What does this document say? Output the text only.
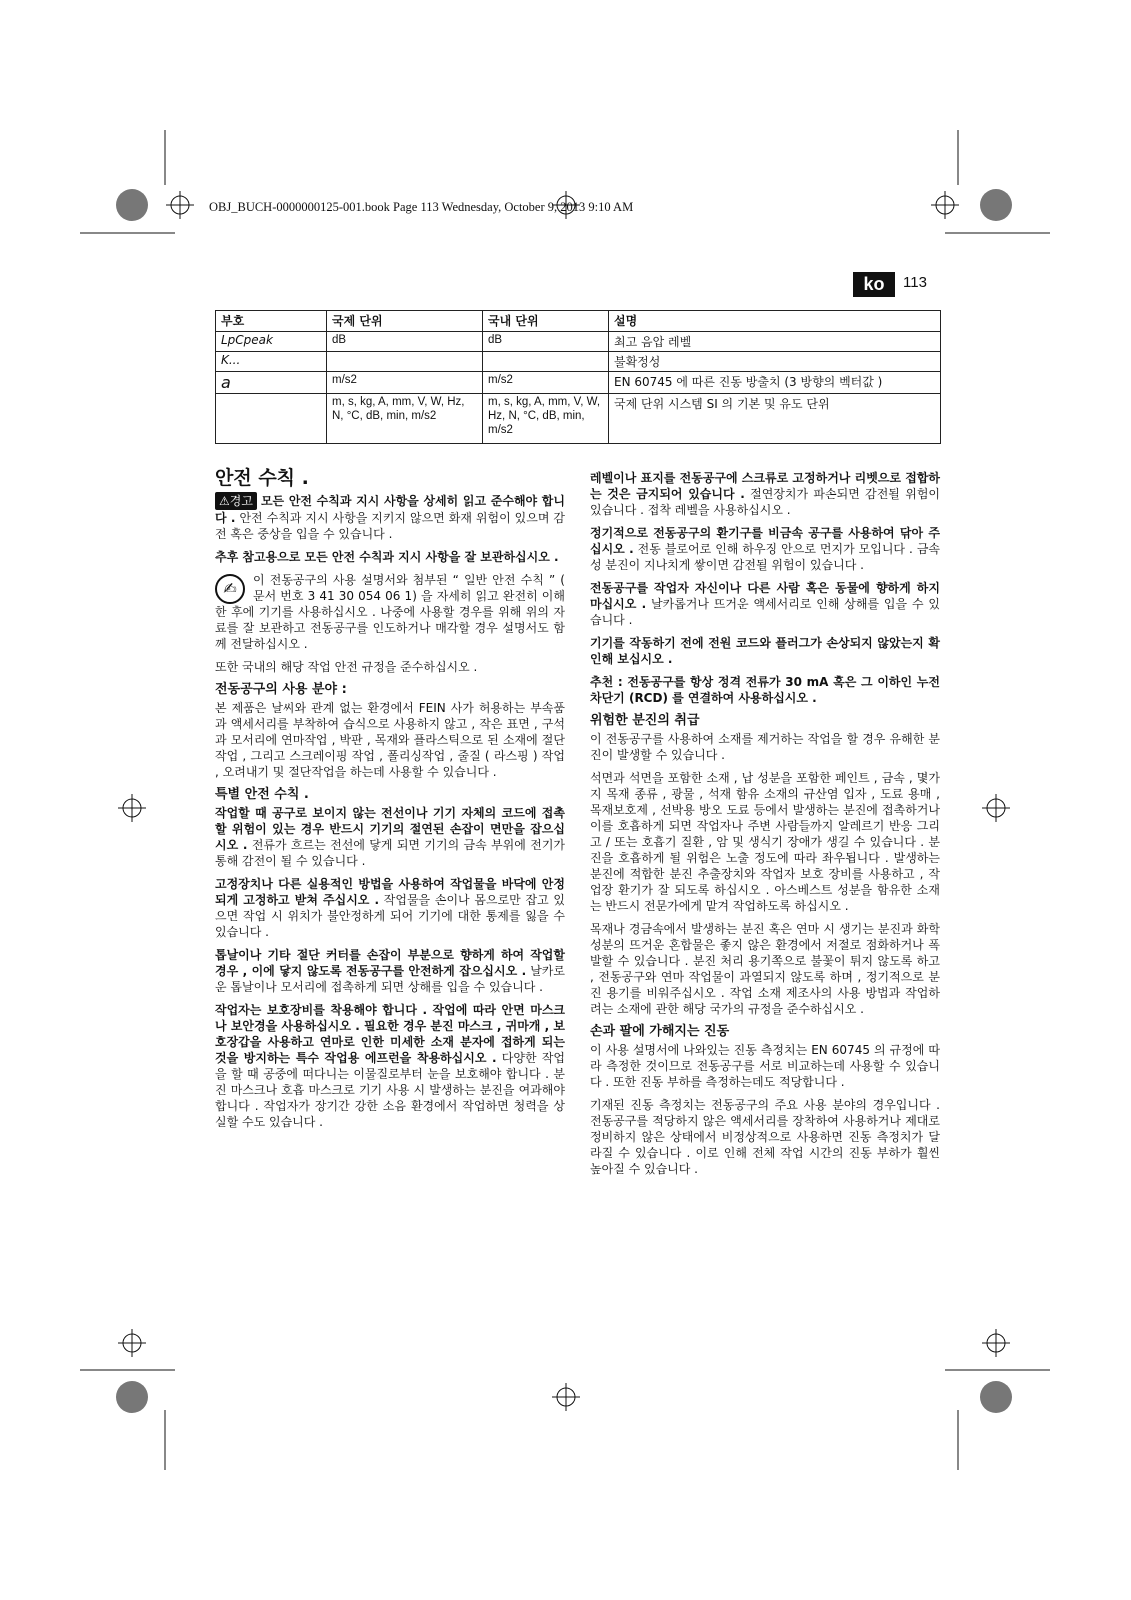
OBJ_BUCH-0000000125-001.book Page 113 Wednesday, October 9, 2013 9:10 AM
ko	113
부호	국제 단위	국내 단위	설명
LpCpeak	dB	dB	최고 음압 레벨
K...			불확정성
a	m/s2	m/s2	EN 60745 에 따른 진동 방출치 (3 방향의 벡터값 )
	m, s, kg, A, mm, V, W, Hz, N, °C, dB, min, m/s2	m, s, kg, A, mm, V, W, Hz, N, °C, dB, min, m/s2	국제 단위 시스템 SI 의 기본 및 유도 단위
안전 수칙 .

⚠경고 모든 안전 수칙과 지시 사항을 상세히 읽고 준수해야 합니다 . 안전 수칙과 지시 사항을 지키지 않으면 화재 위험이 있으며 감전 혹은 중상을 입을 수 있습니다 .

추후 참고용으로 모든 안전 수칙과 지시 사항을 잘 보관하십시오 .

✍	이 전동공구의 사용 설명서와 첨부된 “ 일반 안전 수칙 ” ( 문서 번호 3 41 30 054 06 1) 을 자세히 읽고 완전히 이해한 후에 기기를 사용하십시오 . 나중에 사용할 경우를 위해 위의 자료를 잘 보관하고 전동공구를 인도하거나 매각할 경우 설명서도 함께 전달하십시오 .

또한 국내의 해당 작업 안전 규정을 준수하십시오 .

전동공구의 사용 분야 :

본 제품은 날씨와 관계 없는 환경에서 FEIN 사가 허용하는 부속품과 액세서리를 부착하여 습식으로 사용하지 않고 , 작은 표면 , 구석과 모서리에 연마작업 , 박판 , 목재와 플라스틱으로 된 소재에 절단작업 , 그리고 스크레이핑 작업 , 폴리싱작업 , 줄질 ( 라스핑 ) 작업 , 오려내기 및 절단작업을 하는데 사용할 수 있습니다 .

특별 안전 수칙 .

작업할 때 공구로 보이지 않는 전선이나 기기 자체의 코드에 접촉할 위험이 있는 경우 반드시 기기의 절연된 손잡이 면만을 잡으십시오 . 전류가 흐르는 전선에 닿게 되면 기기의 금속 부위에 전기가 통해 감전이 될 수 있습니다 .

고정장치나 다른 실용적인 방법을 사용하여 작업물을 바닥에 안정되게 고정하고 받쳐 주십시오 . 작업물을 손이나 몸으로만 잡고 있으면 작업 시 위치가 불안정하게 되어 기기에 대한 통제를 잃을 수 있습니다 .

톱날이나 기타 절단 커터를 손잡이 부분으로 향하게 하여 작업할 경우 , 이에 닿지 않도록 전동공구를 안전하게 잡으십시오 . 날카로운 톱날이나 모서리에 접촉하게 되면 상해를 입을 수 있습니다 .

작업자는 보호장비를 착용해야 합니다 . 작업에 따라 안면 마스크나 보안경을 사용하십시오 . 필요한 경우 분진 마스크 , 귀마개 , 보호장갑을 사용하고 연마로 인한 미세한 소재 분자에 접하게 되는 것을 방지하는 특수 작업용 에프런을 착용하십시오 . 다양한 작업을 할 때 공중에 떠다니는 이물질로부터 눈을 보호해야 합니다 . 분진 마스크나 호흡 마스크로 기기 사용 시 발생하는 분진을 여과해야 합니다 . 작업자가 장기간 강한 소음 환경에서 작업하면 청력을 상실할 수도 있습니다 .

레벨이나 표지를 전동공구에 스크류로 고정하거나 리벳으로 접합하는 것은 금지되어 있습니다 . 절연장치가 파손되면 감전될 위험이 있습니다 . 접착 레벨을 사용하십시오 .

정기적으로 전동공구의 환기구를 비금속 공구를 사용하여 닦아 주십시오 . 전동 블로어로 인해 하우징 안으로 먼지가 모입니다 . 금속성 분진이 지나치게 쌓이면 감전될 위험이 있습니다 .

전동공구를 작업자 자신이나 다른 사람 혹은 동물에 향하게 하지 마십시오 . 날카롭거나 뜨거운 액세서리로 인해 상해를 입을 수 있습니다 .

기기를 작동하기 전에 전원 코드와 플러그가 손상되지 않았는지 확인해 보십시오 .

추천 : 전동공구를 항상 정격 전류가 30 mA 혹은 그 이하인 누전 차단기 (RCD) 를 연결하여 사용하십시오 .

위험한 분진의 취급

이 전동공구를 사용하여 소재를 제거하는 작업을 할 경우 유해한 분진이 발생할 수 있습니다 .

석면과 석면을 포함한 소재 , 납 성분을 포함한 페인트 , 금속 , 몇가지 목재 종류 , 광물 , 석재 함유 소재의 규산염 입자 , 도료 용매 , 목재보호제 , 선박용 방오 도료 등에서 발생하는 분진에 접촉하거나 이를 호흡하게 되면 작업자나 주변 사람들까지 알레르기 반응 그리고 / 또는 호흡기 질환 , 암 및 생식기 장애가 생길 수 있습니다 . 분진을 호흡하게 될 위험은 노출 정도에 따라 좌우됩니다 . 발생하는 분진에 적합한 분진 추출장치와 작업자 보호 장비를 사용하고 , 작업장 환기가 잘 되도록 하십시오 . 아스베스트 성분을 함유한 소재는 반드시 전문가에게 맡겨 작업하도록 하십시오 .

목재나 경금속에서 발생하는 분진 혹은 연마 시 생기는 분진과 화학 성분의 뜨거운 혼합물은 좋지 않은 환경에서 저절로 점화하거나 폭발할 수 있습니다 . 분진 처리 용기쪽으로 불꽃이 튀지 않도록 하고 , 전동공구와 연마 작업물이 과열되지 않도록 하며 , 정기적으로 분진 용기를 비워주십시오 . 작업 소재 제조사의 사용 방법과 작업하려는 소재에 관한 해당 국가의 규정을 준수하십시오 .

손과 팔에 가해지는 진동

이 사용 설명서에 나와있는 진동 측정치는 EN 60745 의 규정에 따라 측정한 것이므로 전동공구를 서로 비교하는데 사용할 수 있습니다 . 또한 진동 부하를 측정하는데도 적당합니다 .

기재된 진동 측정치는 전동공구의 주요 사용 분야의 경우입니다 . 전동공구를 적당하지 않은 액세서리를 장착하여 사용하거나 제대로 정비하지 않은 상태에서 비정상적으로 사용하면 진동 측정치가 달라질 수 있습니다 . 이로 인해 전체 작업 시간의 진동 부하가 훨씬 높아질 수 있습니다 .
